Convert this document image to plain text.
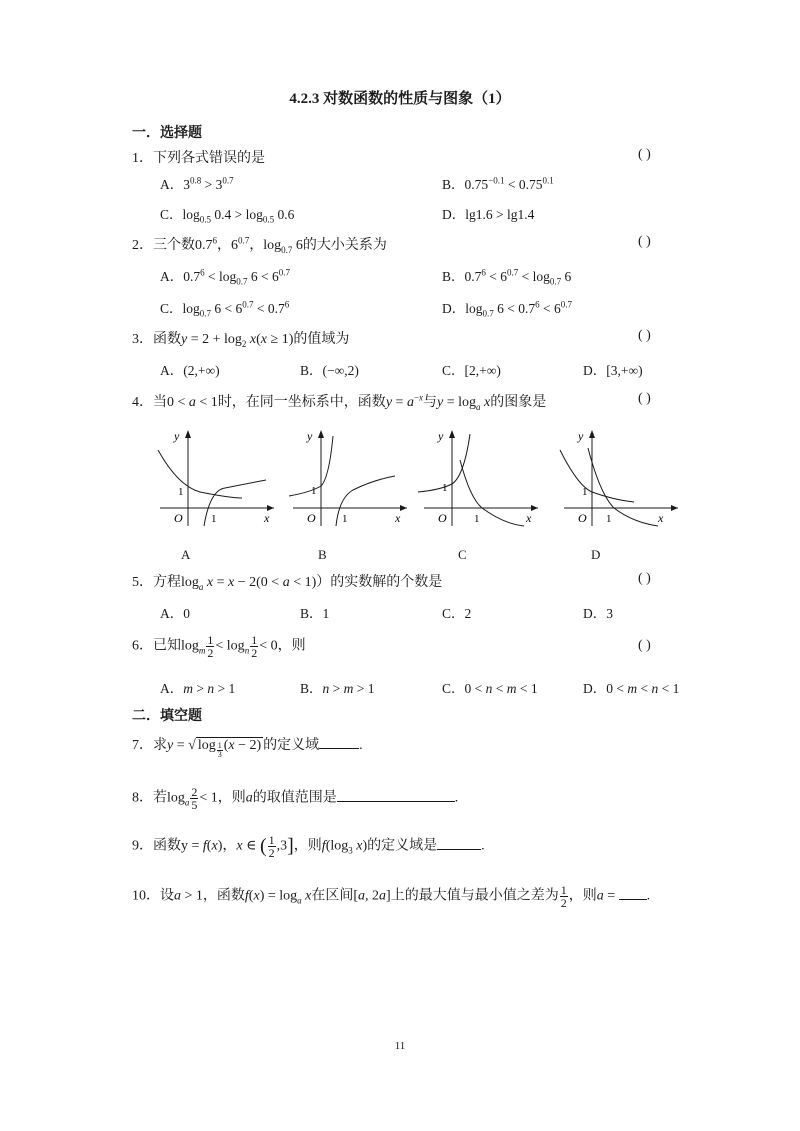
4.2.3 对数函数的性质与图象（1）
一．选择题
1．下列各式错误的是	( )
A．$3^{0.8} > 3^{0.7}$	B．$0.75^{-0.1} < 0.75^{0.1}$
C．$\log_{0.5} 0.4 > \log_{0.5} 0.6$	D．lg1.6 > lg1.4
2．三个数$0.7^6$，$6^{0.7}$，$\log_{0.7} 6$的大小关系为	( )
A．$0.7^6 < \log_{0.7} 6 < 6^{0.7}$	B．$0.7^6 < 6^{0.7} < \log_{0.7} 6$
C．$\log_{0.7} 6 < 6^{0.7} < 0.7^6$	D．$\log_{0.7} 6 < 0.7^6 < 6^{0.7}$
3．函数$y = 2 + \log_2 x(x \ge 1)$的值域为	( )
A．(2,+∞)	B．(−∞,2)	C．[2,+∞)	D．[3,+∞)
4．当0 < a < 1时，在同一坐标系中，函数$y = a^{-x}$与$y = \log_a x$的图象是	( )
y
1
O	1	x
A
y
1
O 1	x
B
y
1
O 1	x
C
y
1
O 1	x
D
5．方程$\log_a x = x - 2(0 < a < 1)$）的实数解的个数是	( )
A．0	B．1	C．2	D．3
6．已知$\log_m \frac{1}{2} < \log_n \frac{1}{2} < 0$，则	( )
A．m > n > 1	B．n > m > 1	C．0 < n < m < 1	D．0 < m < n < 1
二．填空题
7．求y = √ log $_{\frac{1}{3}}$ (x − 2) 的定义域	.
8．若$\log_a \frac{2}{5} < 1$，则a的取值范围是	.
9．函数y = f(x)，x ∈ ( $\frac{1}{2} ,3$]，则$f(\log_3$ x)的定义域是	.
10．设a > 1，函数$f(x) = \log_a x$在区间[a, 2a]上的最大值与最小值之差为 $\frac{1}{2}$ ，则a = .
11
